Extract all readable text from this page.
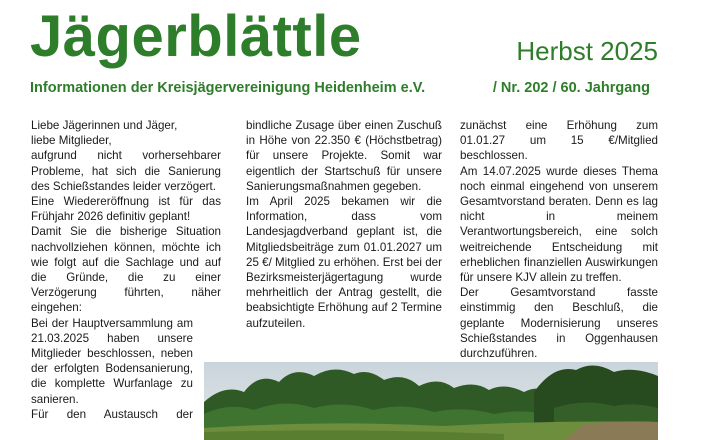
Jägerblättle	Herbst 2025
Informationen der Kreisjägervereinigung Heidenheim e.V.	/ Nr. 202 / 60. Jahrgang

Liebe Jägerinnen und Jäger,

liebe Mitglieder,

aufgrund nicht vorhersehbarer Probleme, hat sich die Sanierung des Schießstandes leider verzögert.

Eine Wiedereröffnung ist für das Frühjahr 2026 definitiv geplant!

Damit Sie die bisherige Situation nachvollziehen können, möchte ich wie folgt auf die Sachlage und auf die Gründe, die zu einer Verzögerung führten, näher eingehen:

Bei der Hauptversammlung am 21.03.2025 haben unsere Mitglieder beschlossen, neben der erfolgten Bodensanierung, die komplette Wurfanlage zu sanieren.

Für den Austausch der

bindliche Zusage über einen Zuschuß in Höhe von 22.350 € (Höchstbetrag) für unsere Projekte. Somit war eigentlich der Startschuß für unsere Sanierungsmaßnahmen gegeben.

Im April 2025 bekamen wir die Information, dass vom Landesjagdverband geplant ist, die Mitgliedsbeiträge zum 01.01.2027 um 25 €/ Mitglied zu erhöhen. Erst bei der Bezirksmeisterjägertagung wurde mehrheitlich der Antrag gestellt, die beabsichtigte Erhöhung auf 2 Termine aufzuteilen.

zunächst eine Erhöhung zum 01.01.27 um 15 €/Mitglied beschlossen.

Am 14.07.2025 wurde dieses Thema noch einmal eingehend von unserem Gesamtvorstand beraten. Denn es lag nicht in meinem Verantwortungsbereich, eine solch weitreichende Entscheidung mit erheblichen finanziellen Auswirkungen für unsere KJV allein zu treffen.

Der Gesamtvorstand fasste einstimmig den Beschluß, die geplante Modernisierung unseres Schießstandes in Oggenhausen durchzuführen.
